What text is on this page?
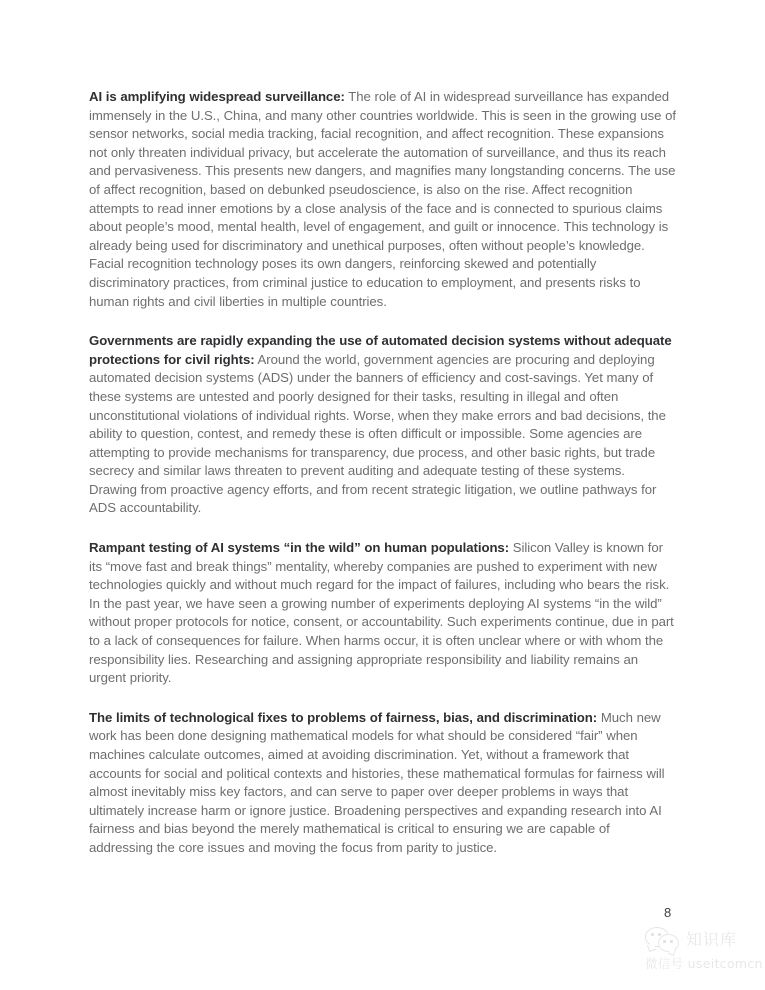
AI is amplifying widespread surveillance: The role of AI in widespread surveillance has expanded immensely in the U.S., China, and many other countries worldwide. This is seen in the growing use of sensor networks, social media tracking, facial recognition, and affect recognition. These expansions not only threaten individual privacy, but accelerate the automation of surveillance, and thus its reach and pervasiveness. This presents new dangers, and magnifies many longstanding concerns. The use of affect recognition, based on debunked pseudoscience, is also on the rise. Affect recognition attempts to read inner emotions by a close analysis of the face and is connected to spurious claims about people’s mood, mental health, level of engagement, and guilt or innocence. This technology is already being used for discriminatory and unethical purposes, often without people’s knowledge. Facial recognition technology poses its own dangers, reinforcing skewed and potentially discriminatory practices, from criminal justice to education to employment, and presents risks to human rights and civil liberties in multiple countries.

Governments are rapidly expanding the use of automated decision systems without adequate protections for civil rights: Around the world, government agencies are procuring and deploying automated decision systems (ADS) under the banners of efficiency and cost-savings. Yet many of these systems are untested and poorly designed for their tasks, resulting in illegal and often unconstitutional violations of individual rights. Worse, when they make errors and bad decisions, the ability to question, contest, and remedy these is often difficult or impossible. Some agencies are attempting to provide mechanisms for transparency, due process, and other basic rights, but trade secrecy and similar laws threaten to prevent auditing and adequate testing of these systems. Drawing from proactive agency efforts, and from recent strategic litigation, we outline pathways for ADS accountability.

Rampant testing of AI systems “in the wild” on human populations: Silicon Valley is known for its “move fast and break things” mentality, whereby companies are pushed to experiment with new technologies quickly and without much regard for the impact of failures, including who bears the risk. In the past year, we have seen a growing number of experiments deploying AI systems “in the wild” without proper protocols for notice, consent, or accountability. Such experiments continue, due in part to a lack of consequences for failure. When harms occur, it is often unclear where or with whom the responsibility lies. Researching and assigning appropriate responsibility and liability remains an urgent priority.

The limits of technological fixes to problems of fairness, bias, and discrimination: Much new work has been done designing mathematical models for what should be considered “fair” when machines calculate outcomes, aimed at avoiding discrimination. Yet, without a framework that accounts for social and political contexts and histories, these mathematical formulas for fairness will almost inevitably miss key factors, and can serve to paper over deeper problems in ways that ultimately increase harm or ignore justice. Broadening perspectives and expanding research into AI fairness and bias beyond the merely mathematical is critical to ensuring we are capable of addressing the core issues and moving the focus from parity to justice.

8
知识库
微信号 useitcomcn
